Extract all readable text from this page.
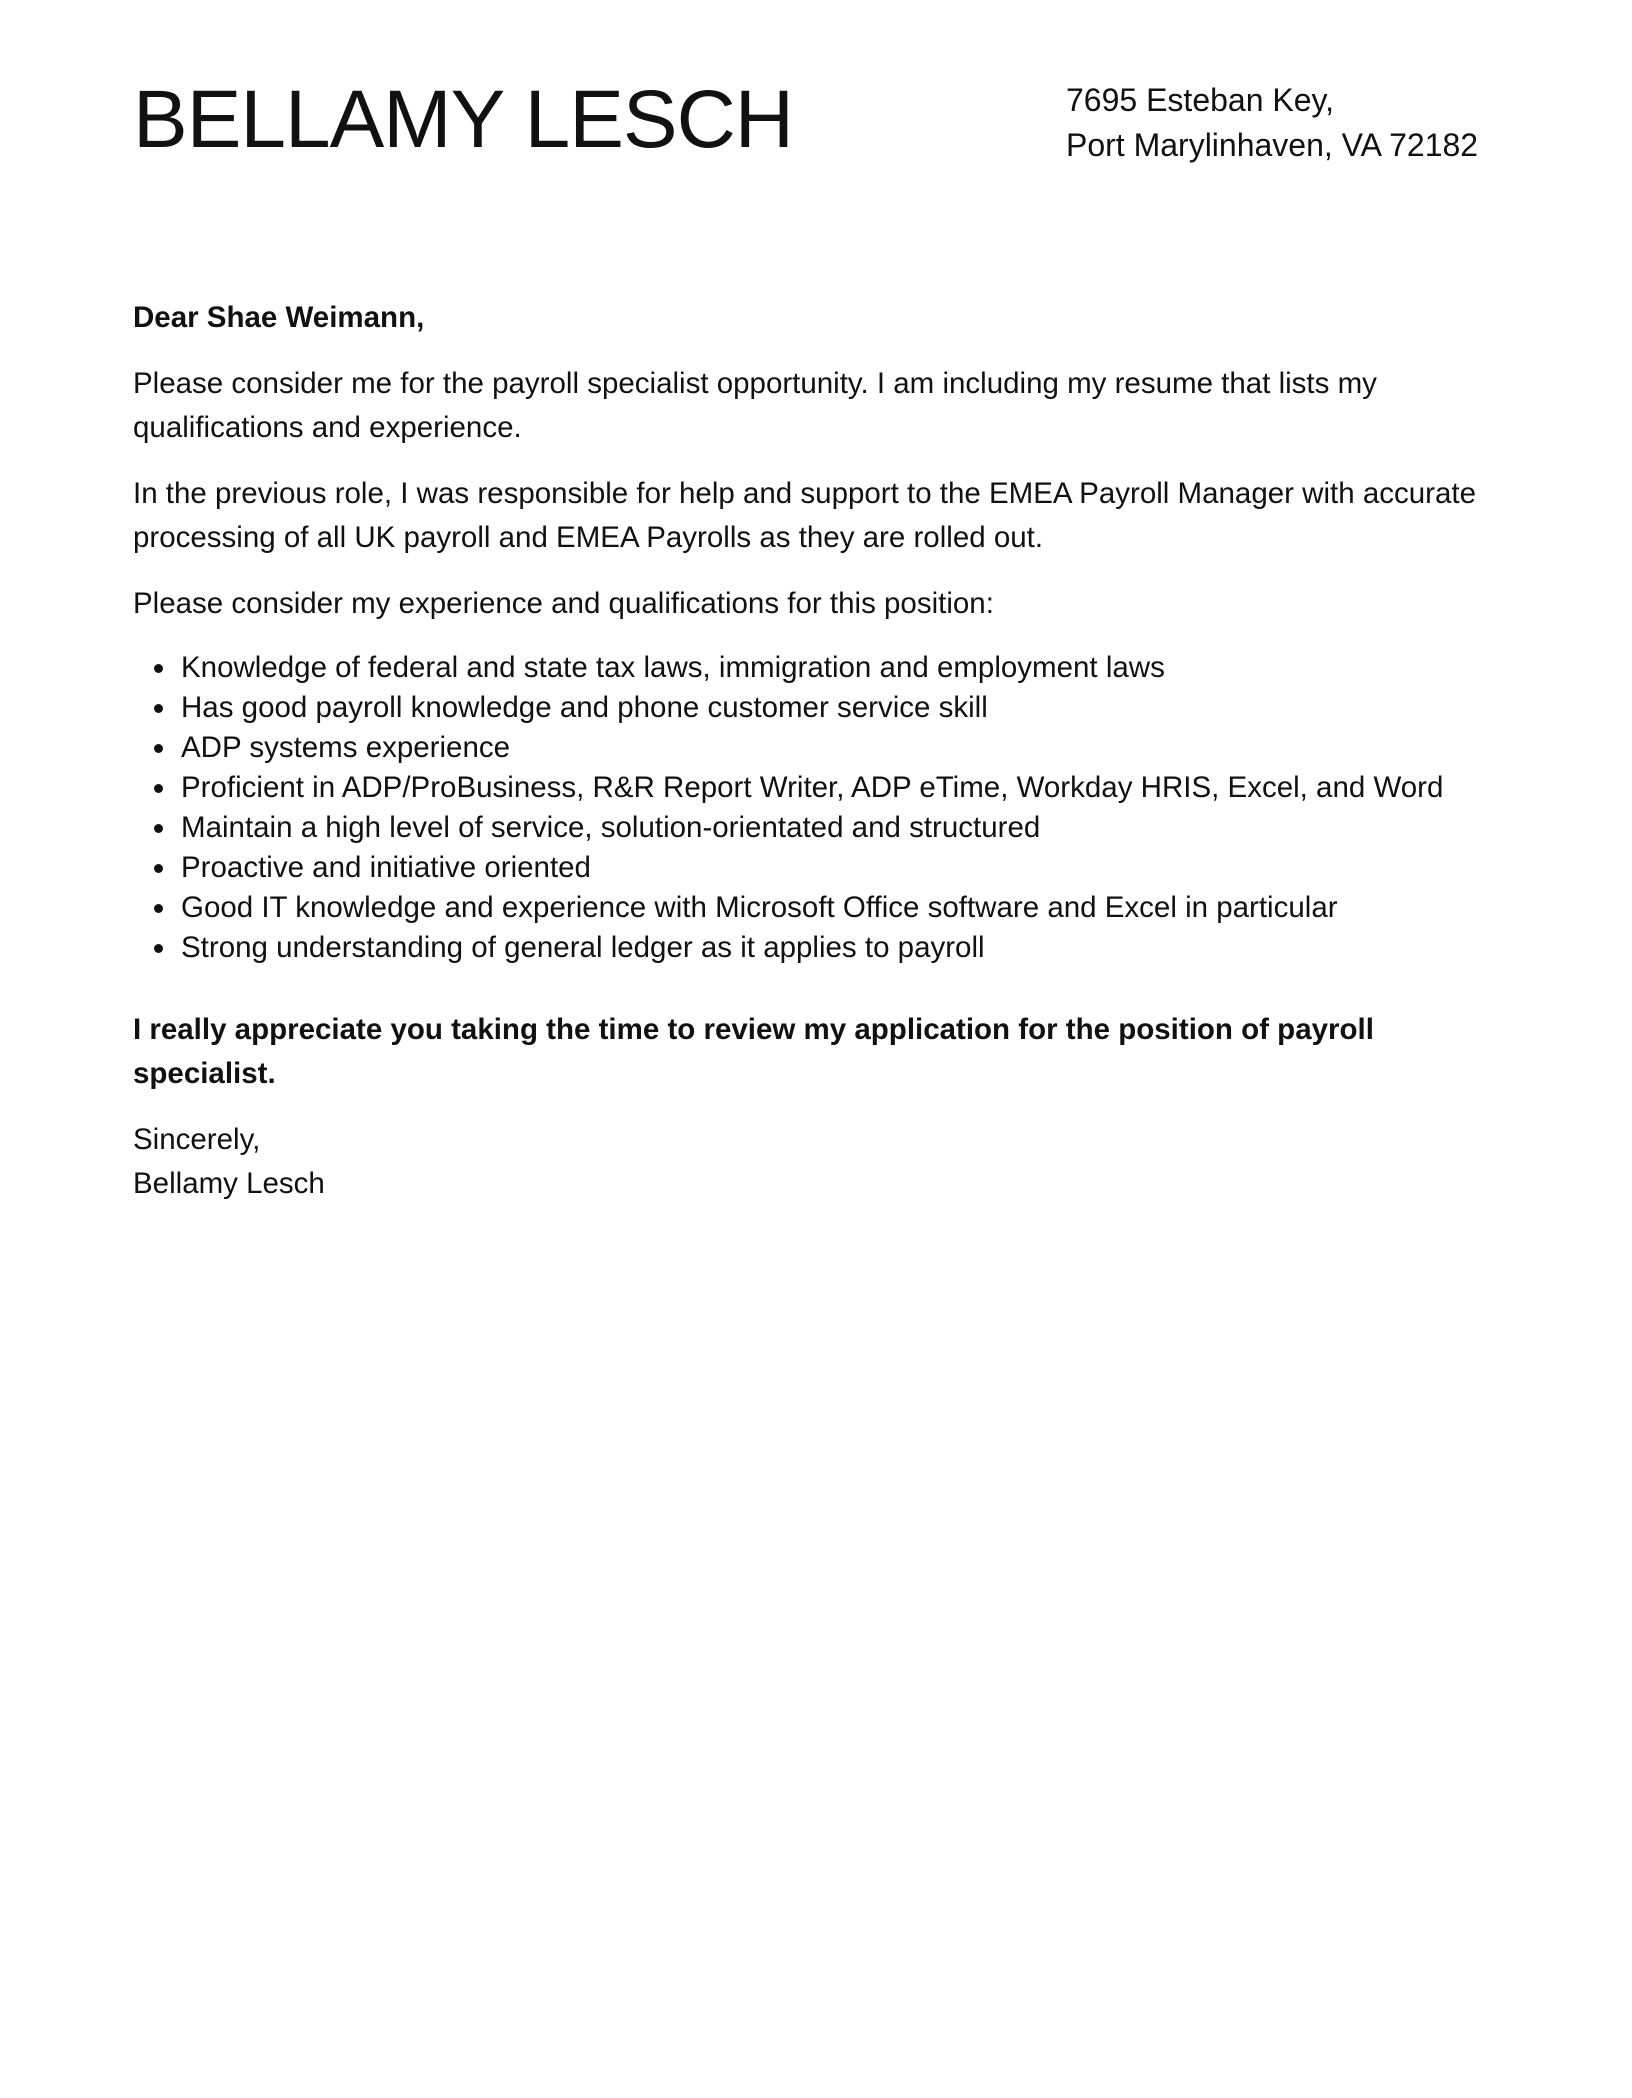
BELLAMY LESCH	7695 Esteban Key,
Port Marylinhaven, VA 72182

Dear Shae Weimann,

Please consider me for the payroll specialist opportunity. I am including my resume that lists my qualifications and experience.

In the previous role, I was responsible for help and support to the EMEA Payroll Manager with accurate processing of all UK payroll and EMEA Payrolls as they are rolled out.

Please consider my experience and qualifications for this position:

Knowledge of federal and state tax laws, immigration and employment laws
Has good payroll knowledge and phone customer service skill
ADP systems experience
Proficient in ADP/ProBusiness, R&R Report Writer, ADP eTime, Workday HRIS, Excel, and Word
Maintain a high level of service, solution-orientated and structured
Proactive and initiative oriented
Good IT knowledge and experience with Microsoft Office software and Excel in particular
Strong understanding of general ledger as it applies to payroll

I really appreciate you taking the time to review my application for the position of payroll specialist.

Sincerely,
Bellamy Lesch
